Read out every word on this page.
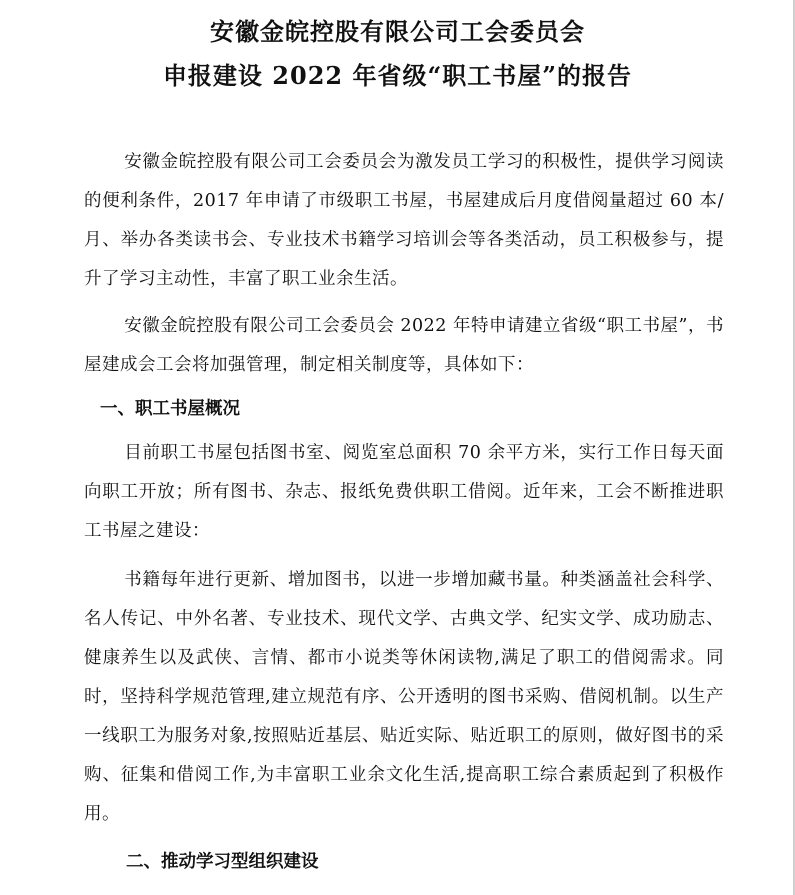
安徽金皖控股有限公司工会委员会
申报建设 2022 年省级“职工书屋”的报告

安徽金皖控股有限公司工会委员会为激发员工学习的积极性，提供学习阅读的便利条件，2017 年申请了市级职工书屋，书屋建成后月度借阅量超过 60 本/月、举办各类读书会、专业技术书籍学习培训会等各类活动，员工积极参与，提升了学习主动性，丰富了职工业余生活。

安徽金皖控股有限公司工会委员会 2022 年特申请建立省级“职工书屋”，书屋建成会工会将加强管理，制定相关制度等，具体如下：

一、职工书屋概况

目前职工书屋包括图书室、阅览室总面积 70 余平方米，实行工作日每天面向职工开放；所有图书、杂志、报纸免费供职工借阅。近年来，工会不断推进职工书屋之建设：

书籍每年进行更新、增加图书，以进一步增加藏书量。种类涵盖社会科学、名人传记、中外名著、专业技术、现代文学、古典文学、纪实文学、成功励志、健康养生以及武侠、言情、都市小说类等休闲读物,满足了职工的借阅需求。同时，坚持科学规范管理,建立规范有序、公开透明的图书采购、借阅机制。以生产一线职工为服务对象,按照贴近基层、贴近实际、贴近职工的原则，做好图书的采购、征集和借阅工作,为丰富职工业余文化生活,提高职工综合素质起到了积极作用。

二、推动学习型组织建设
